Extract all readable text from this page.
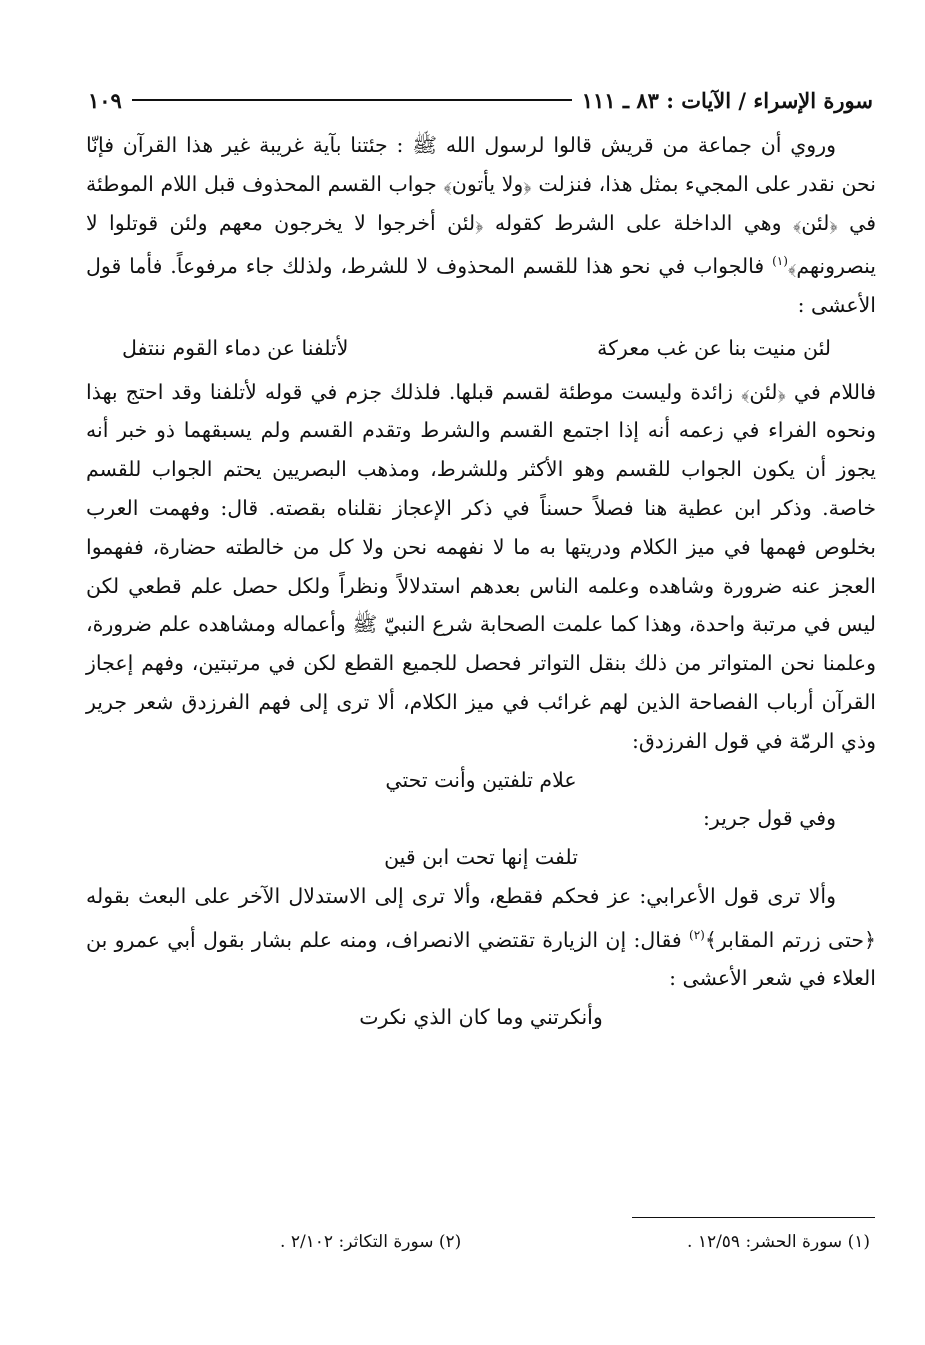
سورة الإسراء / الآيات : ٨٣ ـ ١١١
١٠٩

وروي أن جماعة من قريش قالوا لرسول الله ﷺ : جئتنا بآية غريبة غير هذا القرآن فإنّا نحن نقدر على المجيء بمثل هذا، فنزلت ﴿ولا يأتون﴾ جواب القسم المحذوف قبل اللام الموطئة في ﴿لئن﴾ وهي الداخلة على الشرط كقوله ﴿لئن أخرجوا لا يخرجون معهم ولئن قوتلوا لا ينصرونهم﴾$^{(١)}$ فالجواب في نحو هذا للقسم المحذوف لا للشرط، ولذلك جاء مرفوعاً. فأما قول الأعشى :

لئن منيت بنا عن غب معركة
لأتلفنا عن دماء القوم ننتفل

فاللام في ﴿لئن﴾ زائدة وليست موطئة لقسم قبلها. فلذلك جزم في قوله لأتلفنا وقد احتج بهذا ونحوه الفراء في زعمه أنه إذا اجتمع القسم والشرط وتقدم القسم ولم يسبقهما ذو خبر أنه يجوز أن يكون الجواب للقسم وهو الأكثر وللشرط، ومذهب البصريين يحتم الجواب للقسم خاصة. وذكر ابن عطية هنا فصلاً حسناً في ذكر الإعجاز نقلناه بقصته. قال: وفهمت العرب بخلوص فهمها في ميز الكلام ودريتها به ما لا نفهمه نحن ولا كل من خالطته حضارة، ففهموا العجز عنه ضرورة وشاهده وعلمه الناس بعدهم استدلالاً ونظراً ولكل حصل علم قطعي لكن ليس في مرتبة واحدة، وهذا كما علمت الصحابة شرع النبيّ ﷺ وأعماله ومشاهده علم ضرورة، وعلمنا نحن المتواتر من ذلك بنقل التواتر فحصل للجميع القطع لكن في مرتبتين، وفهم إعجاز القرآن أرباب الفصاحة الذين لهم غرائب في ميز الكلام، ألا ترى إلى فهم الفرزدق شعر جرير وذي الرمّة في قول الفرزدق:

علام تلفتين وأنت تحتي

وفي قول جرير:

تلفت إنها تحت ابن قين

وألا ترى قول الأعرابي: عز فحكم فقطع، وألا ترى إلى الاستدلال الآخر على البعث بقوله ﴿حتى زرتم المقابر﴾$^{(٢)}$ فقال: إن الزيارة تقتضي الانصراف، ومنه علم بشار بقول أبي عمرو بن العلاء في شعر الأعشى :

وأنكرتني وما كان الذي نكرت

(١) سورة الحشر: ١٢/٥٩ .
(٢) سورة التكاثر: ٢/١٠٢ .
